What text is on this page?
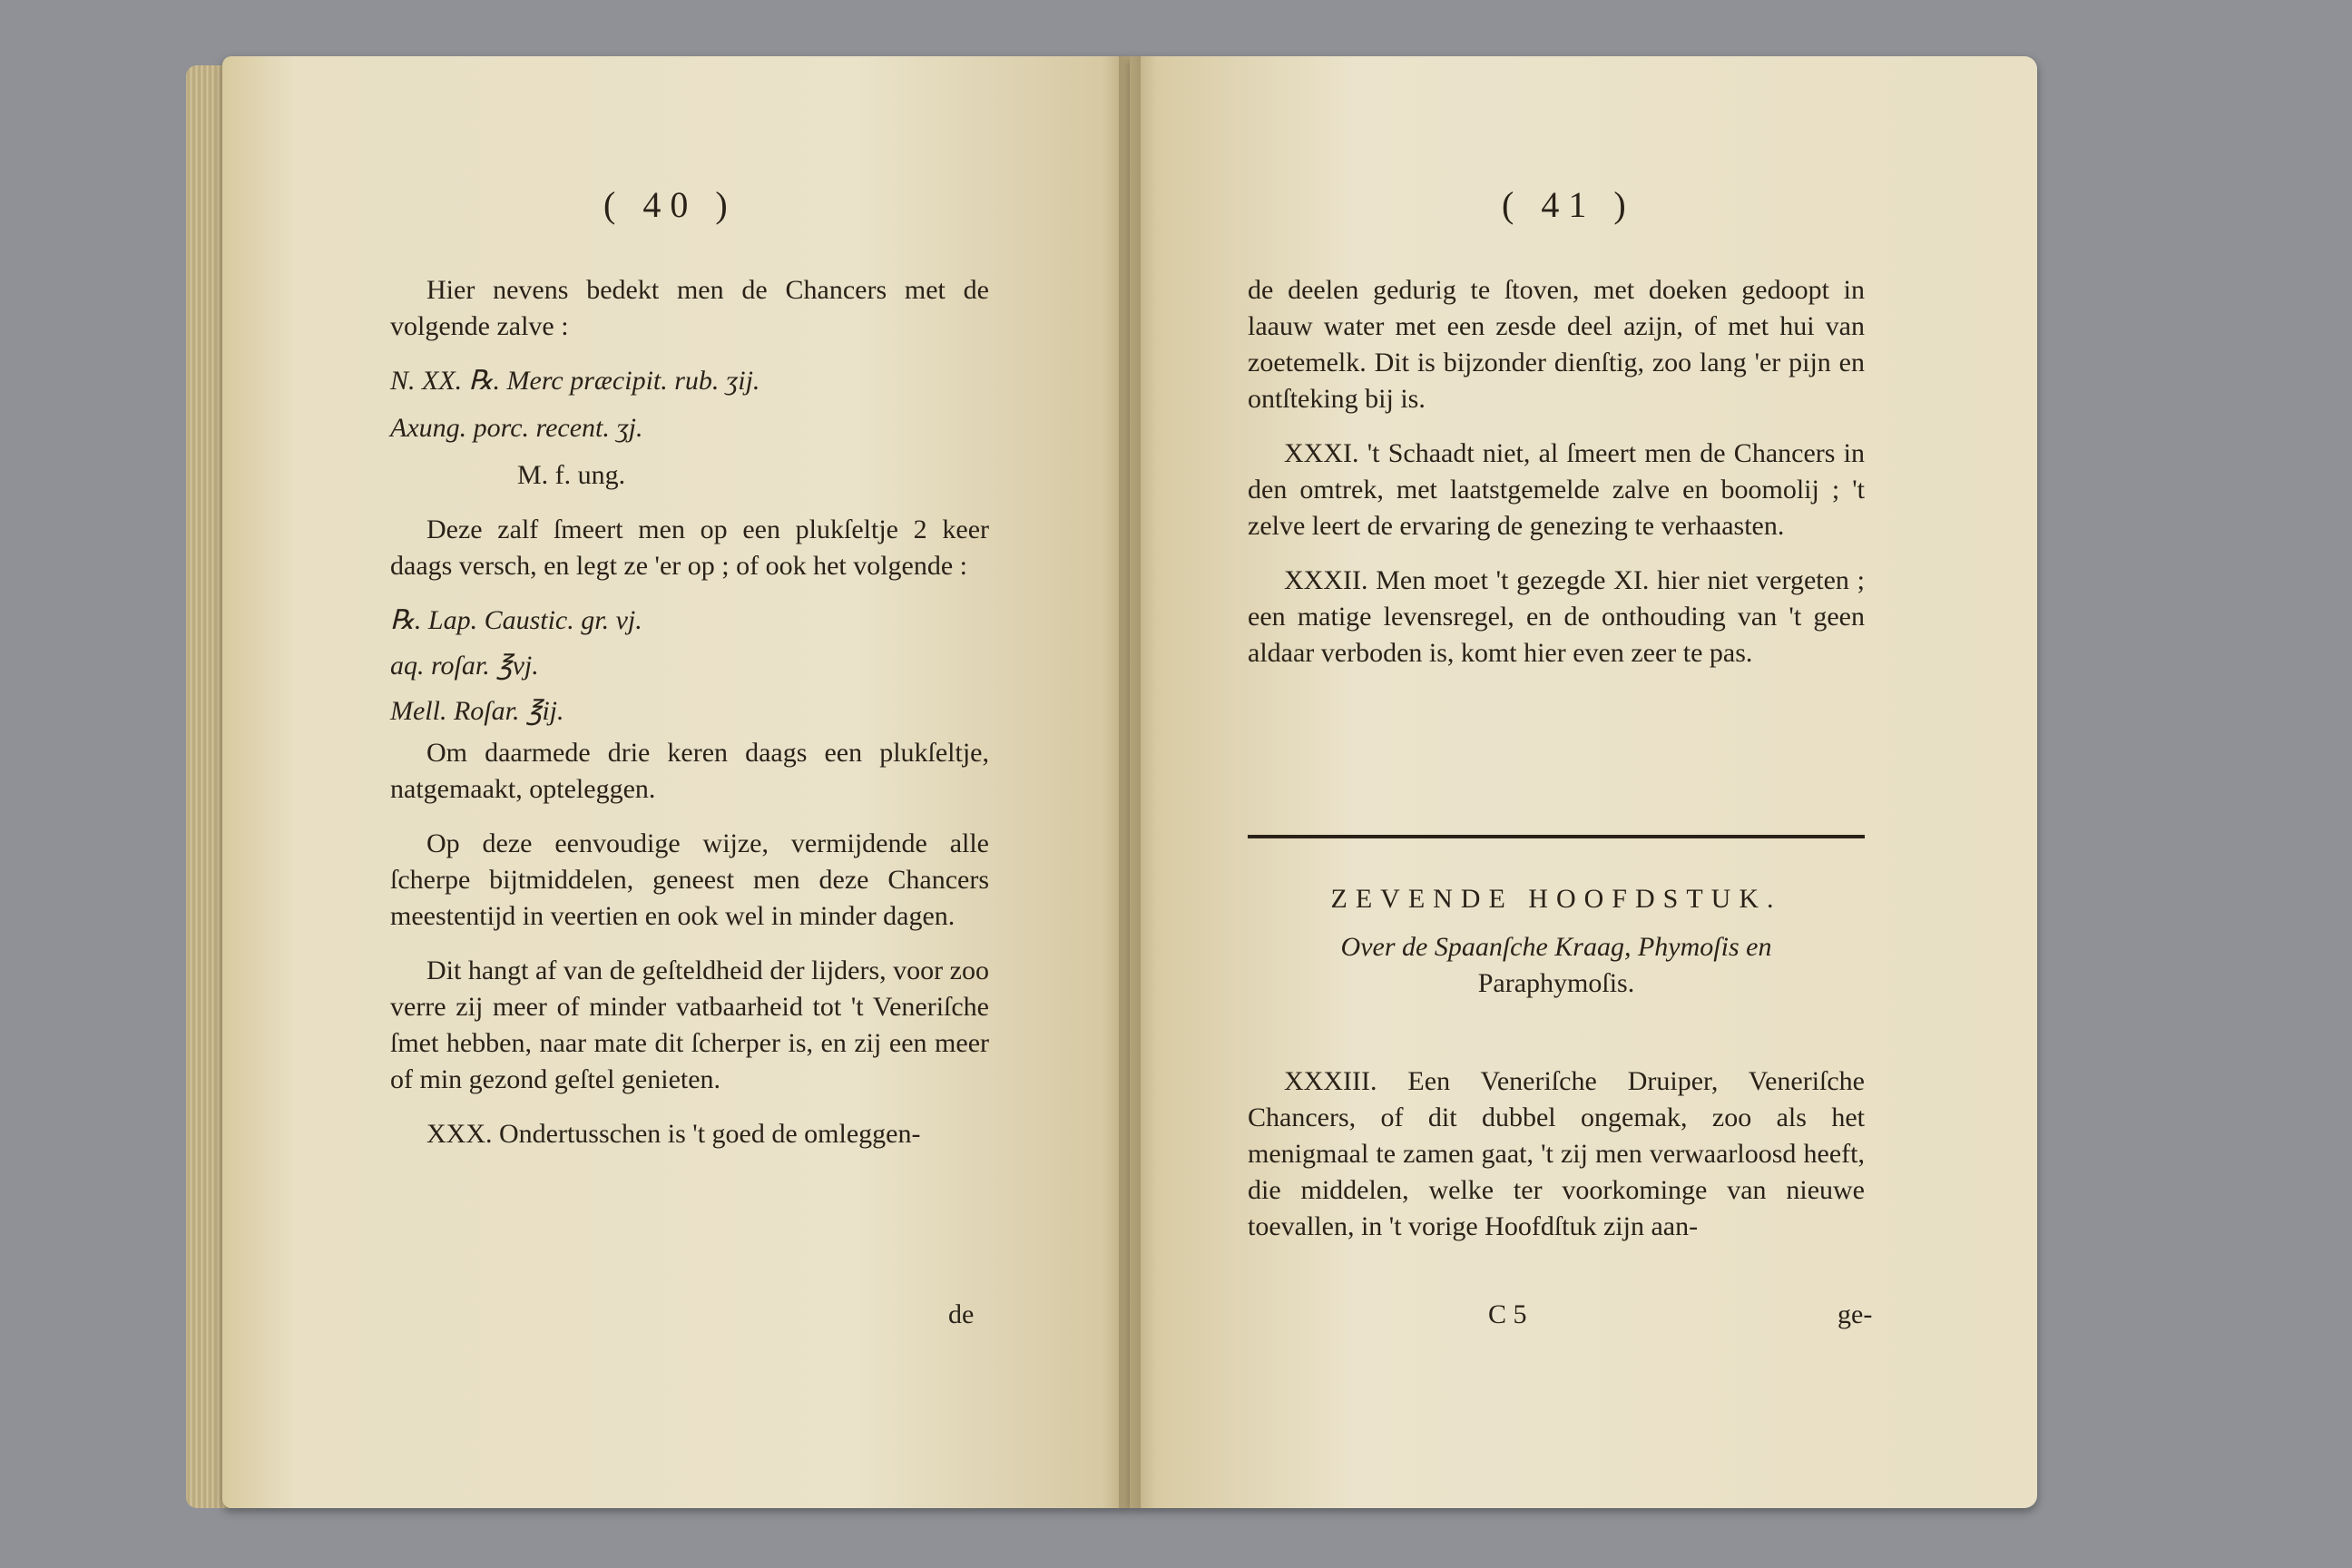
( 40 )

Hier nevens bedekt men de Chancers met de volgende zalve :

N. XX. ℞. Merc præcipit. rub. ʒij.

Axung. porc. recent. ʒj.

M. f. ung.

Deze zalf ſmeert men op een plukſeltje 2 keer daags versch, en legt ze 'er op ; of ook het volgende :

℞. Lap. Caustic. gr. vj.

aq. roſar. ℥vj.

Mell. Roſar. ℥ij.

Om daarmede drie keren daags een plukſeltje, natgemaakt, opteleggen.

Op deze eenvoudige wijze, vermijdende alle ſcherpe bijtmiddelen, geneest men deze Chancers meestentijd in veertien en ook wel in minder dagen.

Dit hangt af van de geſteldheid der lijders, voor zoo verre zij meer of minder vatbaarheid tot 't Veneriſche ſmet hebben, naar mate dit ſcherper is, en zij een meer of min gezond geſtel genieten.

XXX. Ondertusschen is 't goed de omleggen-

de
( 41 )

de deelen gedurig te ſtoven, met doeken gedoopt in laauw water met een zesde deel azijn, of met hui van zoetemelk. Dit is bijzonder dienſtig, zoo lang 'er pijn en ontſteking bij is.

XXXI. 't Schaadt niet, al ſmeert men de Chancers in den omtrek, met laatstgemelde zalve en boomolij ; 't zelve leert de ervaring de genezing te verhaasten.

XXXII. Men moet 't gezegde XI. hier niet vergeten ; een matige levensregel, en de onthouding van 't geen aldaar verboden is, komt hier even zeer te pas.

ZEVENDE HOOFDSTUK.
Over de Spaanſche Kraag, Phymoſis en
Paraphymoſis.

XXXIII. Een Veneriſche Druiper, Veneriſche Chancers, of dit dubbel ongemak, zoo als het menigmaal te zamen gaat, 't zij men verwaarloosd heeft, die middelen, welke ter voorkominge van nieuwe toevallen, in 't vorige Hoofdſtuk zijn aan-

C 5	ge-
